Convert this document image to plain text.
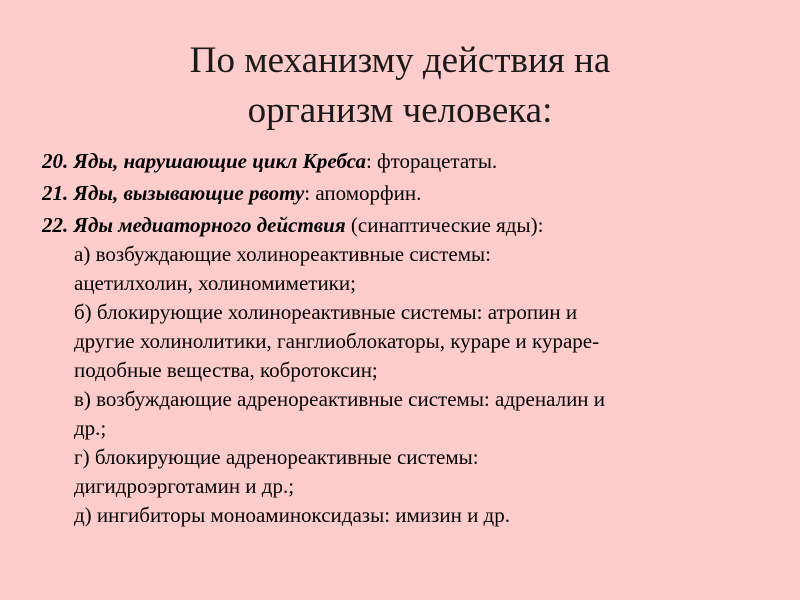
По механизму действия на
организм человека:

20. Яды, нарушающие цикл Кребса: фторацетаты.

21. Яды, вызывающие рвоту: апоморфин.

22. Яды медиаторного действия (синаптические яды):

а) возбуждающие холинореактивные системы:
ацетилхолин, холиномиметики;
б) блокирующие холинореактивные системы: атропин и
другие холинолитики, ганглиоблокаторы, кураре и кураре-
подобные вещества, кобротоксин;
в) возбуждающие адренореактивные системы: адреналин и
др.;
г) блокирующие адренореактивные системы:
дигидроэрготамин и др.;
д) ингибиторы моноаминоксидазы: имизин и др.
